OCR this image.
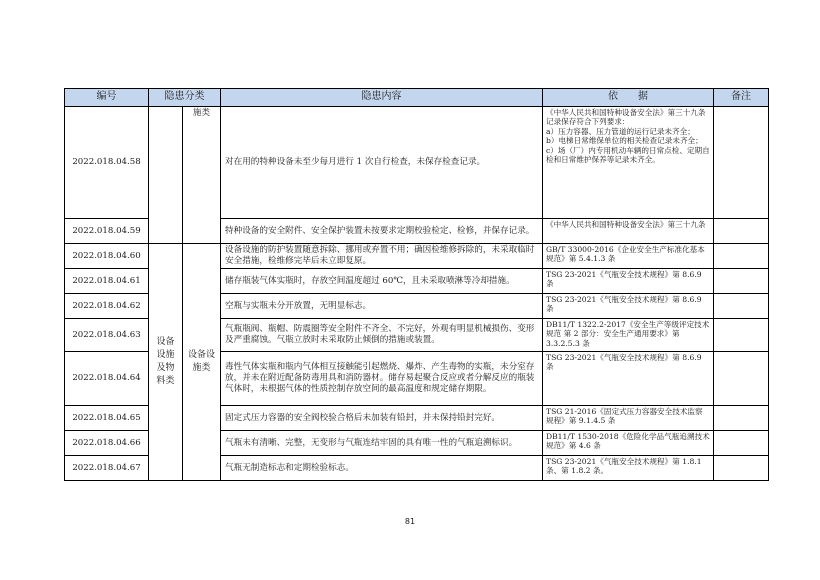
编号	隐患分类		隐患内容	依　　据	备注
2022.018.04.58		施类	对在用的特种设备未至少每月进行 1 次自行检查，未保存检查记录。	《中华人民共和国特种设备安全法》第三十九条
记录保存符合下列要求：
a）压力容器、压力管道的运行记录未齐全；
b）电梯日常维保单位的相关检查记录未齐全；
c）场（厂）内专用机动车辆的日常点检、定期自检和日常维护保养等记录未齐全。	
2022.018.04.59			特种设备的安全附件、安全保护装置未按要求定期校验检定、检修，并保存记录。	《中华人民共和国特种设备安全法》第三十九条	
2022.018.04.60	设备设施及物料类	设备设施类	设备设施的防护装置随意拆除、挪用或弃置不用；确因检维修拆除的，未采取临时安全措施，检维修完毕后未立即复原。	GB/T 33000-2016《企业安全生产标准化基本规范》第 5.4.1.3 条	
2022.018.04.61			储存瓶装气体实瓶时，存放空间温度超过 60℃，且未采取喷淋等冷却措施。	TSG 23-2021《气瓶安全技术规程》第 8.6.9 条	
2022.018.04.62			空瓶与实瓶未分开放置，无明显标志。	TSG 23-2021《气瓶安全技术规程》第 8.6.9 条	
2022.018.04.63			气瓶瓶阀、瓶帽、防震圈等安全附件不齐全、不完好，外观有明显机械损伤、变形及严重腐蚀。气瓶立放时未采取防止倾倒的措施或装置。	DB11/T 1322.2-2017《安全生产等级评定技术规范 第 2 部分：安全生产通用要求》第 3.3.2.5.3 条	
2022.018.04.64			毒性气体实瓶和瓶内气体相互接触能引起燃烧、爆炸、产生毒物的实瓶，未分室存放，并未在附近配备防毒用具和消防器材。储存易起聚合反应或者分解反应的瓶装气体时，未根据气体的性质控制存放空间的最高温度和规定储存期限。	TSG 23-2021《气瓶安全技术规程》第 8.6.9 条	
2022.018.04.65			固定式压力容器的安全阀校验合格后未加装有铅封，并未保持铅封完好。	TSG 21-2016《固定式压力容器安全技术监察规程》第 9.1.4.5 条	
2022.018.04.66			气瓶未有清晰、完整，无变形与气瓶连结牢固的具有唯一性的气瓶追溯标识。	DB11/T 1530-2018《危险化学品气瓶追溯技术规范》第 4.6 条	
2022.018.04.67			气瓶无制造标志和定期检验标志。	TSG 23-2021《气瓶安全技术规程》第 1.8.1 条、第 1.8.2 条。	
81
